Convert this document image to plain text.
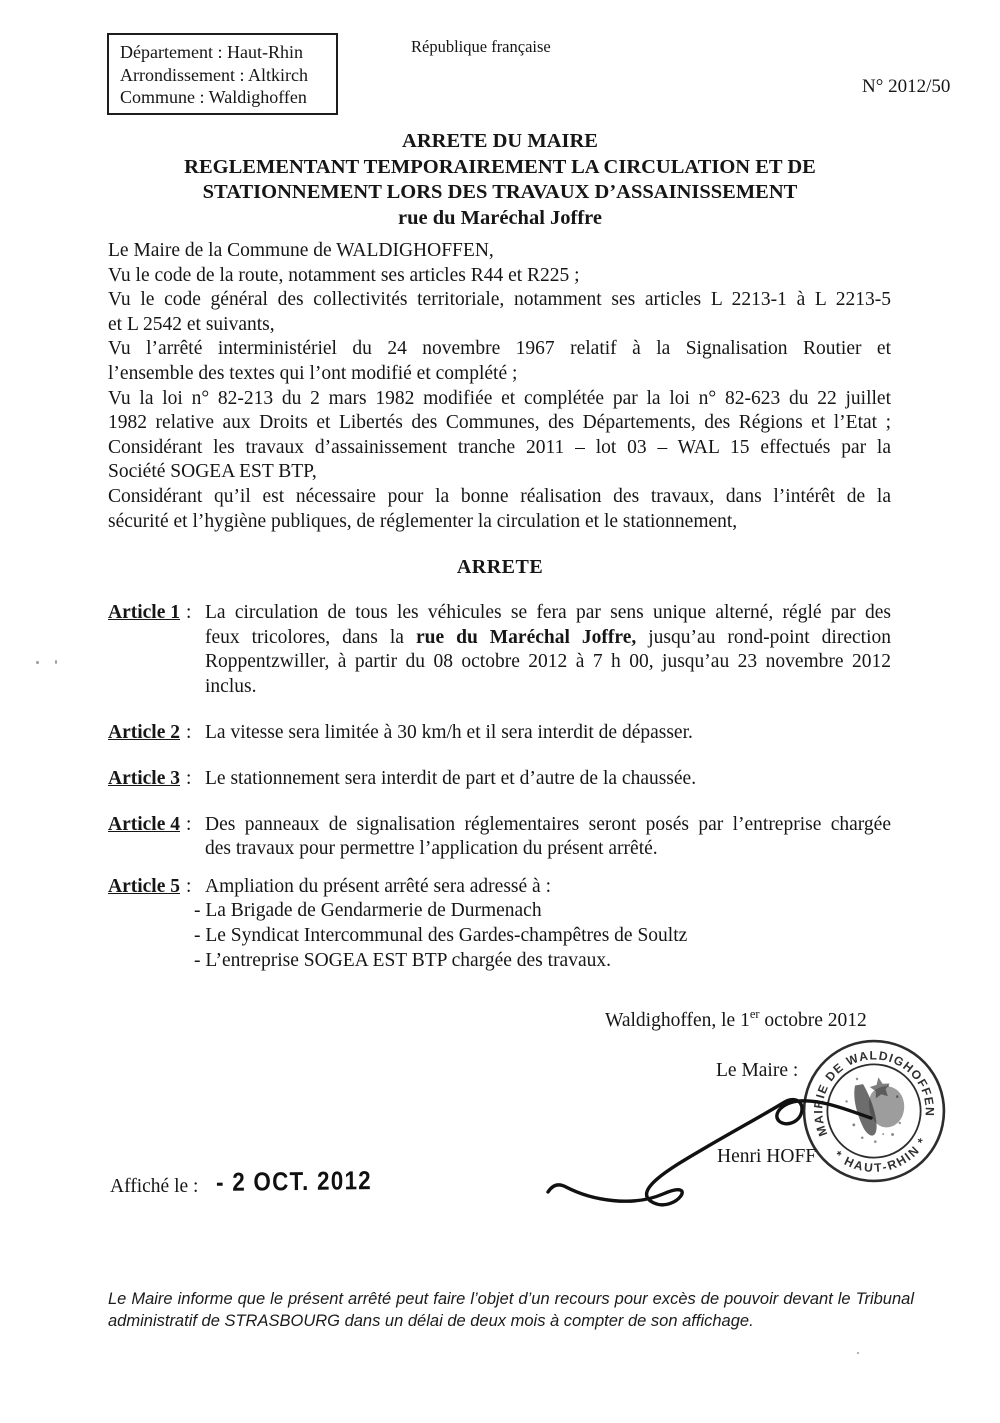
Département : Haut-Rhin
Arrondissement : Altkirch
Commune : Waldighoffen
République française
N° 2012/50
ARRETE DU MAIRE
REGLEMENTANT TEMPORAIREMENT LA CIRCULATION ET DE
STATIONNEMENT LORS DES TRAVAUX D’ASSAINISSEMENT
rue du Maréchal Joffre
Le Maire de la Commune de WALDIGHOFFEN,
Vu le code de la route, notamment ses articles R44 et R225 ;
Vu le code général des collectivités territoriale, notamment ses articles L 2213-1 à L 2213-5
et L 2542 et suivants,
Vu l’arrêté interministériel du 24 novembre 1967 relatif à la Signalisation Routier et
l’ensemble des textes qui l’ont modifié et complété ;
Vu la loi n° 82-213 du 2 mars 1982 modifiée et complétée par la loi n° 82-623 du 22 juillet
1982 relative aux Droits et Libertés des Communes, des Départements, des Régions et l’Etat ;
Considérant les travaux d’assainissement tranche 2011 – lot 03 – WAL 15 effectués par la
Société SOGEA EST BTP,
Considérant qu’il est nécessaire pour la bonne réalisation des travaux, dans l’intérêt de la
sécurité et l’hygiène publiques, de réglementer la circulation et le stationnement,
ARRETE
Article 1 : La circulation de tous les véhicules se fera par sens unique alterné, réglé par des
feux tricolores, dans la rue du Maréchal Joffre, jusqu’au rond-point direction
Roppentzwiller, à partir du 08 octobre 2012 à 7 h 00, jusqu’au 23 novembre 2012
inclus.
Article 2 : La vitesse sera limitée à 30 km/h et il sera interdit de dépasser.
Article 3 : Le stationnement sera interdit de part et d’autre de la chaussée.
Article 4 : Des panneaux de signalisation réglementaires seront posés par l’entreprise chargée
des travaux pour permettre l’application du présent arrêté.
Article 5 : Ampliation du présent arrêté sera adressé à :
- La Brigade de Gendarmerie de Durmenach
- Le Syndicat Intercommunal des Gardes-champêtres de Soultz
- L’entreprise SOGEA EST BTP chargée des travaux.
Waldighoffen, le 1er octobre 2012
Le Maire :
Henri HOFF
MAIRIE DE WALDIGHOFFEN
* HAUT-RHIN *
Affiché le : - 2 OCT. 2012
Le Maire informe que le présent arrêté peut faire l’objet d’un recours pour excès de pouvoir devant le Tribunal administratif de STRASBOURG dans un délai de deux mois à compter de son affichage.
